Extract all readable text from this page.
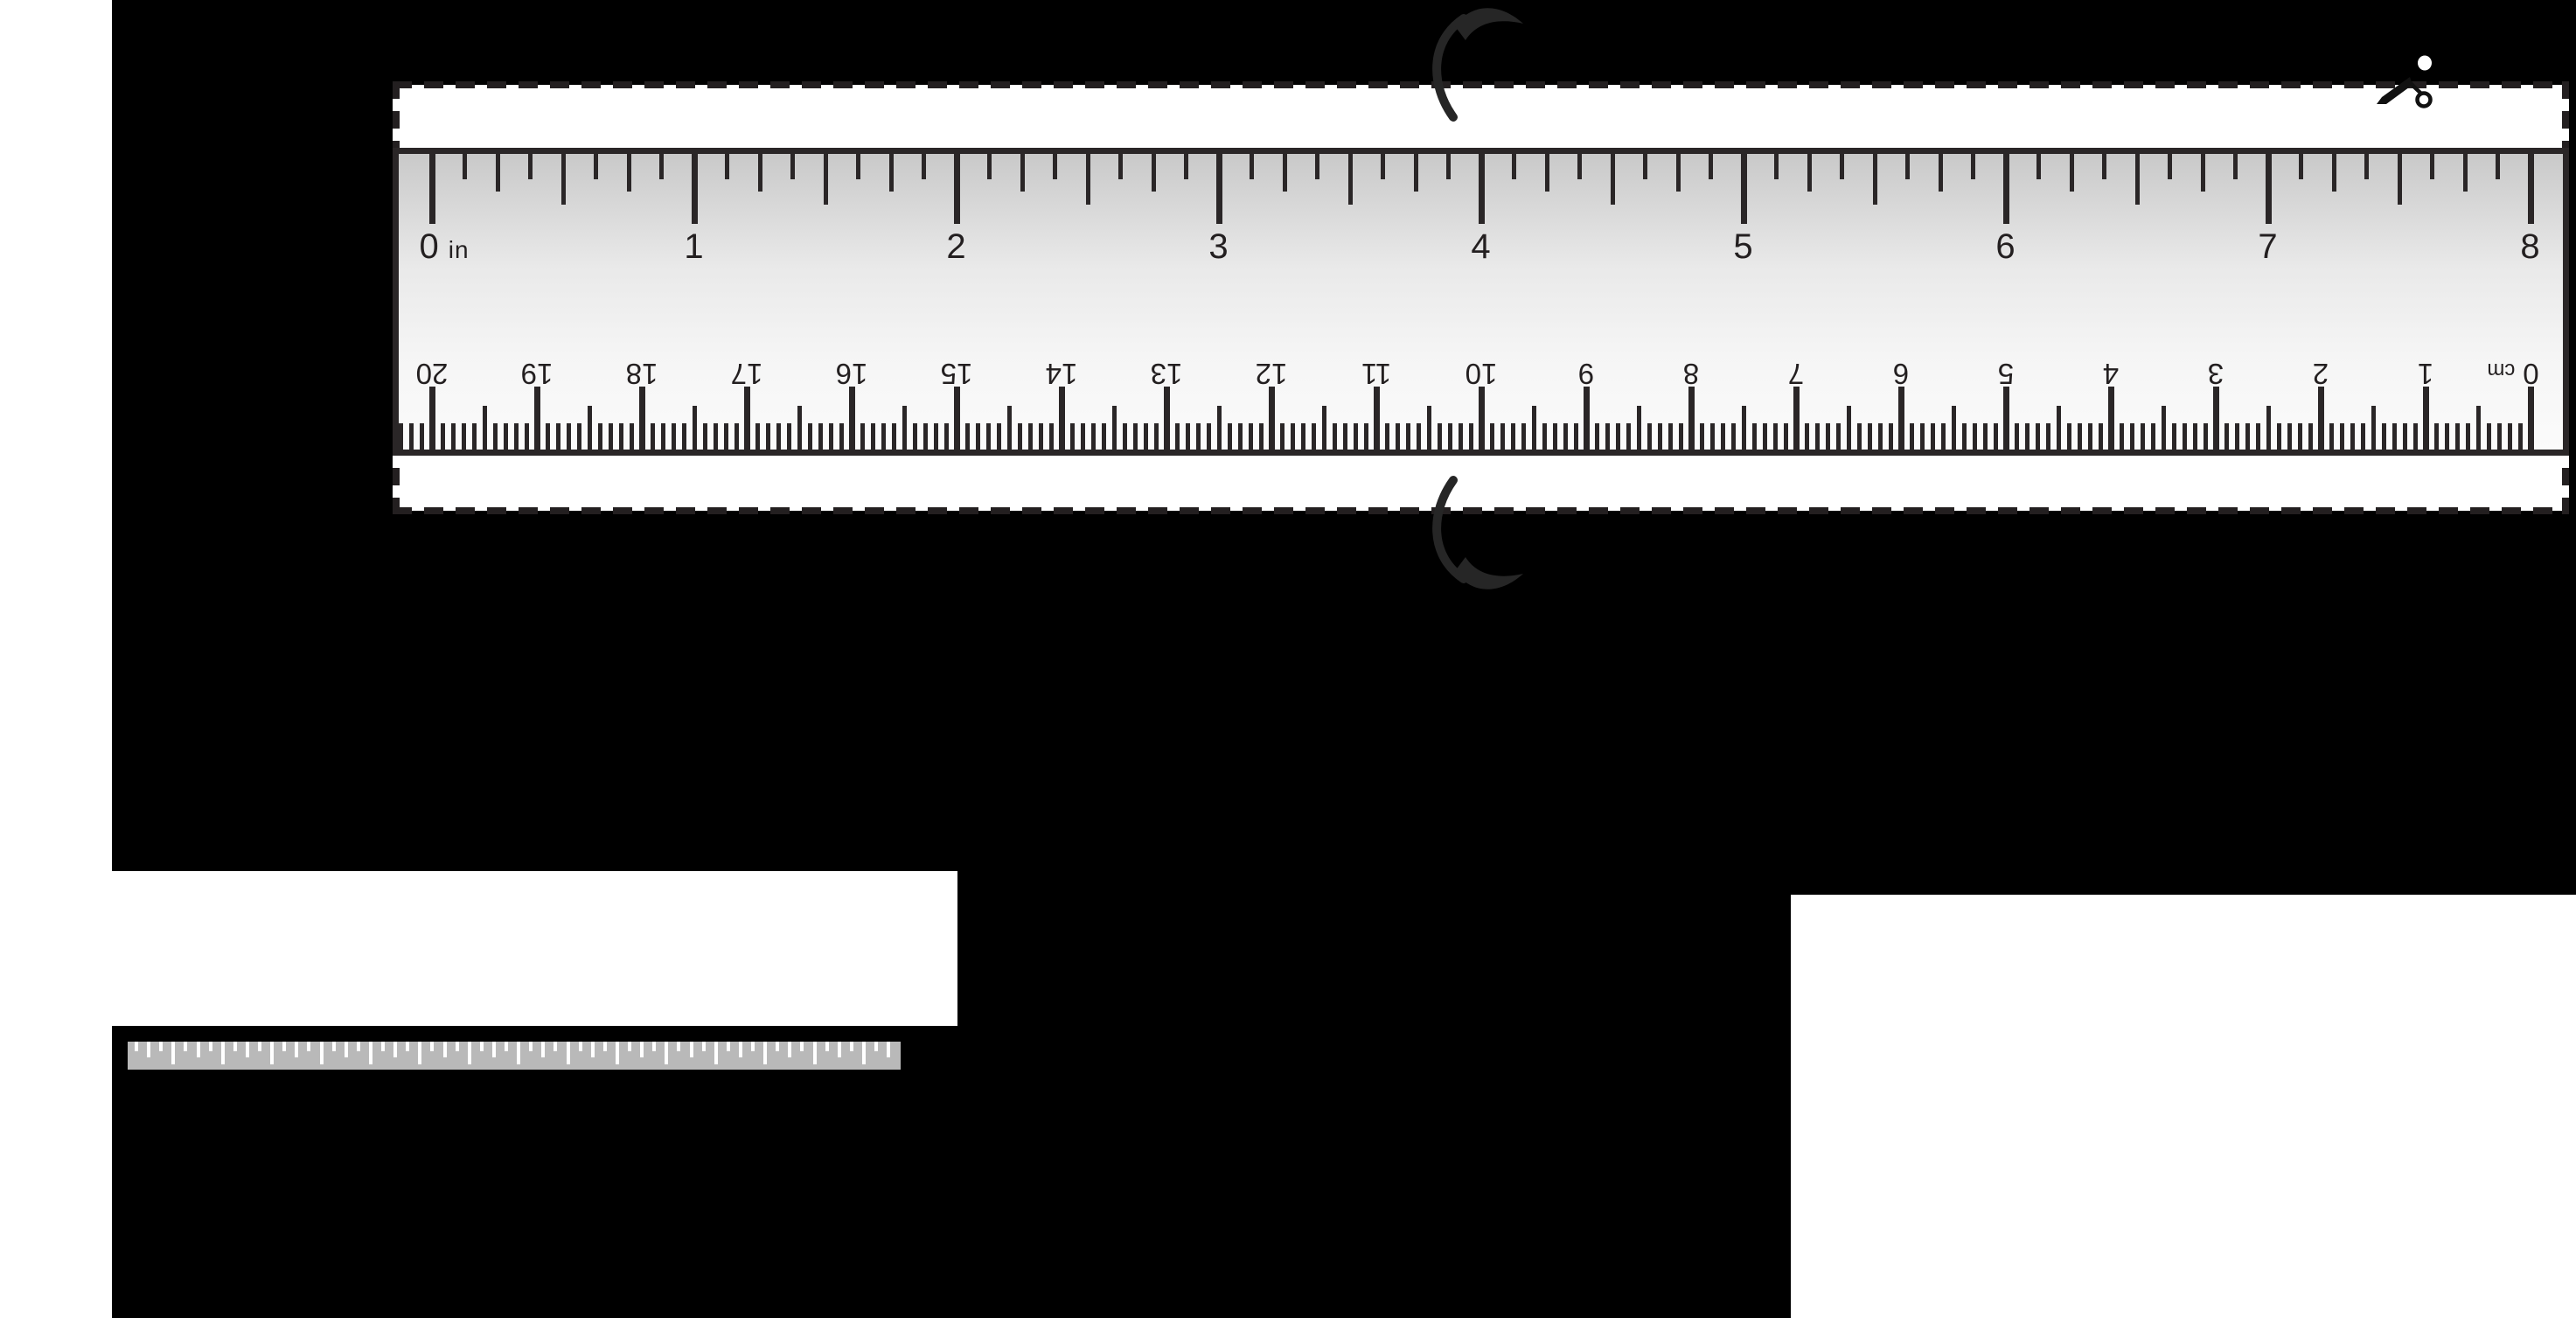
0 in	1	2	3	4	5	6	7	8
0cm
1
2
3
4
5
6
7
8
9
10
11
12
13
14
15
16
17
18
19
20
